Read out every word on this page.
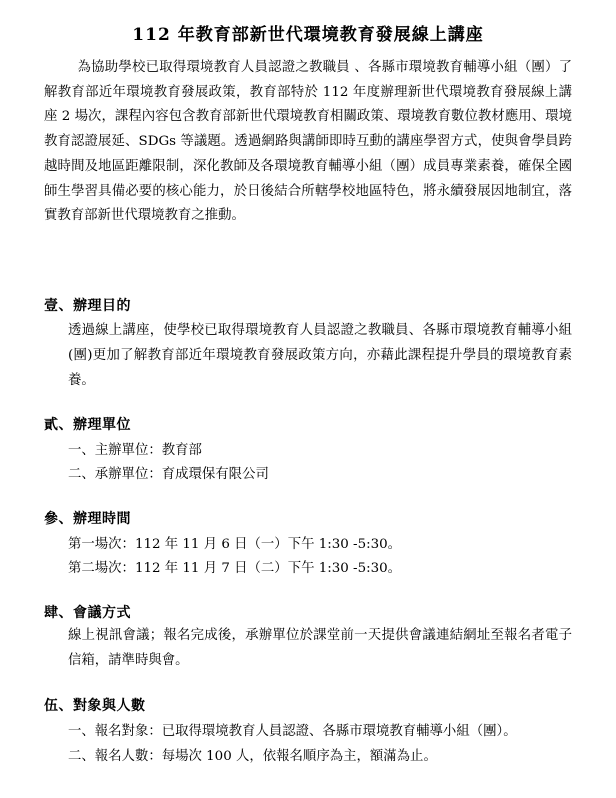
112 年教育部新世代環境教育發展線上講座

為協助學校已取得環境教育人員認證之教職員 、各縣市環境教育輔導小組（團）了解教育部近年環境教育發展政策，教育部特於 112 年度辦理新世代環境教育發展線上講座 2 場次，課程內容包含教育部新世代環境教育相關政策、環境教育數位教材應用、環境教育認證展延、SDGs 等議題。透過網路與講師即時互動的講座學習方式，使與會學員跨越時間及地區距離限制，深化教師及各環境教育輔導小組（團）成員專業素養，確保全國師生學習具備必要的核心能力，於日後結合所轄學校地區特色，將永續發展因地制宜，落實教育部新世代環境教育之推動。

壹、辦理目的

透過線上講座，使學校已取得環境教育人員認證之教職員、各縣市環境教育輔導小組(團)更加了解教育部近年環境教育發展政策方向，亦藉此課程提升學員的環境教育素養。

貳、辦理單位
一、主辦單位：教育部
二、承辦單位：育成環保有限公司
參、辦理時間
第一場次：112 年 11 月 6 日（一）下午 1:30 -5:30。
第二場次：112 年 11 月 7 日（二）下午 1:30 -5:30。
肆、會議方式

線上視訊會議；報名完成後，承辦單位於課堂前一天提供會議連結網址至報名者電子信箱，請準時與會。

伍、對象與人數
一、報名對象：已取得環境教育人員認證、各縣市環境教育輔導小組（團）。
二、報名人數：每場次 100 人，依報名順序為主，額滿為止。
